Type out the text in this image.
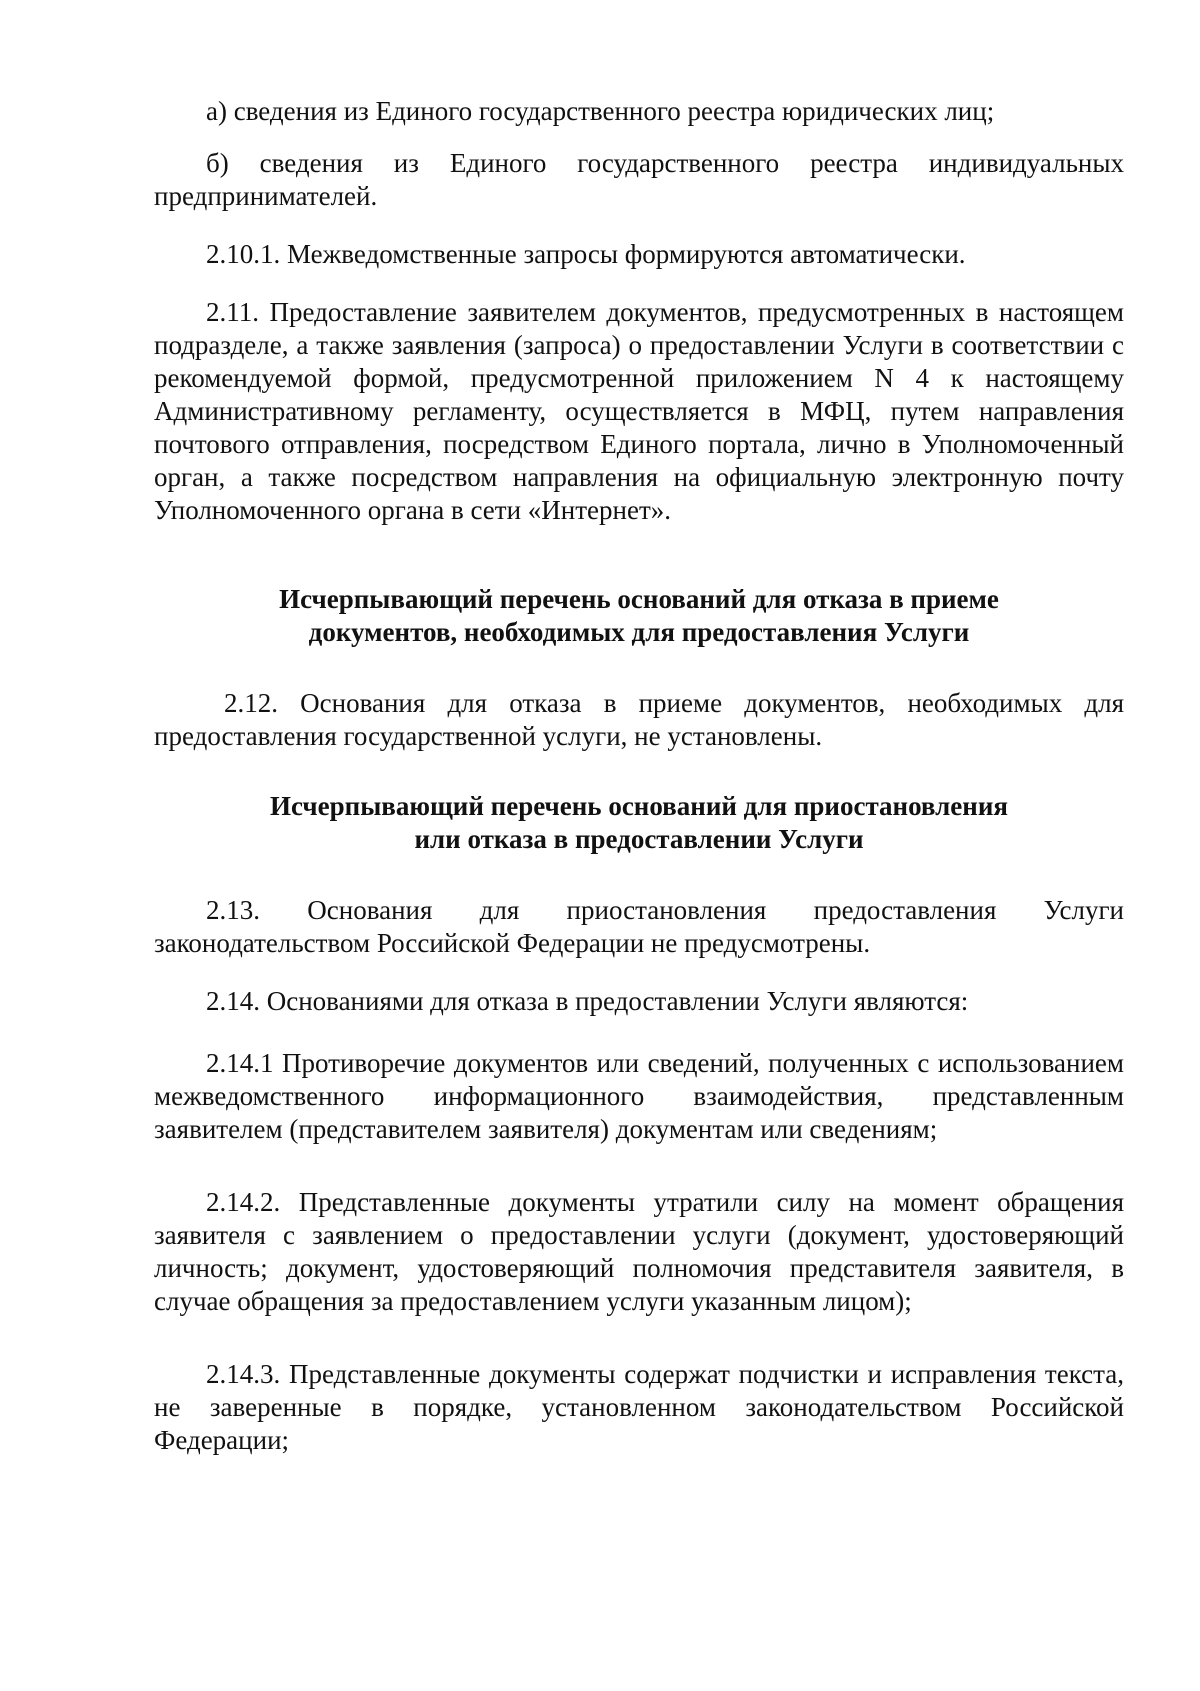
а) сведения из Единого государственного реестра юридических лиц;

б) сведения из Единого государственного реестра индивидуальных предпринимателей.

2.10.1. Межведомственные запросы формируются автоматически.

2.11. Предоставление заявителем документов, предусмотренных в настоящем подразделе, а также заявления (запроса) о предоставлении Услуги в соответствии с рекомендуемой формой, предусмотренной приложением N 4 к настоящему Административному регламенту, осуществляется в МФЦ, путем направления почтового отправления, посредством Единого портала, лично в Уполномоченный орган, а также посредством направления на официальную электронную почту Уполномоченного органа в сети «Интернет».

Исчерпывающий перечень оснований для отказа в приеме
документов, необходимых для предоставления Услуги

2.12. Основания для отказа в приеме документов, необходимых для предоставления государственной услуги, не установлены.

Исчерпывающий перечень оснований для приостановления
или отказа в предоставлении Услуги

2.13. Основания для приостановления предоставления Услуги законодательством Российской Федерации не предусмотрены.

2.14. Основаниями для отказа в предоставлении Услуги являются:

2.14.1 Противоречие документов или сведений, полученных с использованием межведомственного информационного взаимодействия, представленным заявителем (представителем заявителя) документам или сведениям;

2.14.2. Представленные документы утратили силу на момент обращения заявителя с заявлением о предоставлении услуги (документ, удостоверяющий личность; документ, удостоверяющий полномочия представителя заявителя, в случае обращения за предоставлением услуги указанным лицом);

2.14.3. Представленные документы содержат подчистки и исправления текста, не заверенные в порядке, установленном законодательством Российской Федерации;
